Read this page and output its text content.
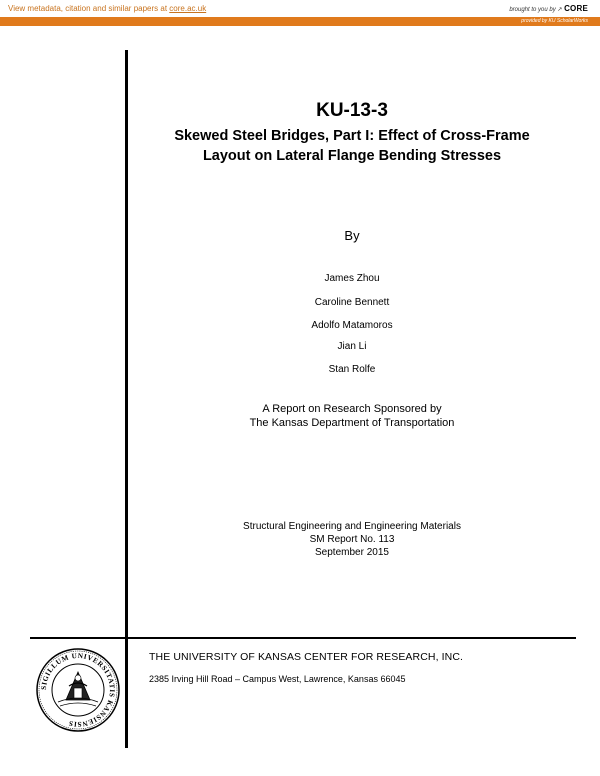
View metadata, citation and similar papers at core.ac.uk	brought to you by ↗ CORE
provided by KU ScholarWorks
KU-13-3
Skewed Steel Bridges, Part I: Effect of Cross-Frame
Layout on Lateral Flange Bending Stresses
By
James Zhou
Caroline Bennett
Adolfo Matamoros
Jian Li
Stan Rolfe
A Report on Research Sponsored by
The Kansas Department of Transportation
Structural Engineering and Engineering Materials
SM Report No. 113
September 2015
SIGILLUM UNIVERSITATIS KANSIENSIS
THE UNIVERSITY OF KANSAS CENTER FOR RESEARCH, INC.
2385 Irving Hill Road – Campus West, Lawrence, Kansas 66045
